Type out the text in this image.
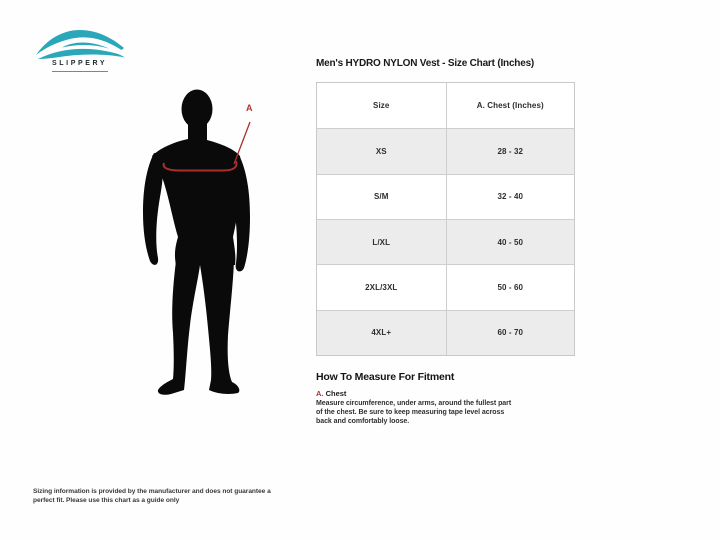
SLIPPERY
A
Men's HYDRO NYLON Vest - Size Chart (Inches)
Size	A. Chest (Inches)
XS	28 - 32
S/M	32 - 40
L/XL	40 - 50
2XL/3XL	50 - 60
4XL+	60 - 70
How To Measure For Fitment
A. Chest
Measure circumference, under arms, around the fullest part of the chest. Be sure to keep measuring tape level across back and comfortably loose.
Sizing information is provided by the manufacturer and does not guarantee a perfect fit. Please use this chart as a guide only
